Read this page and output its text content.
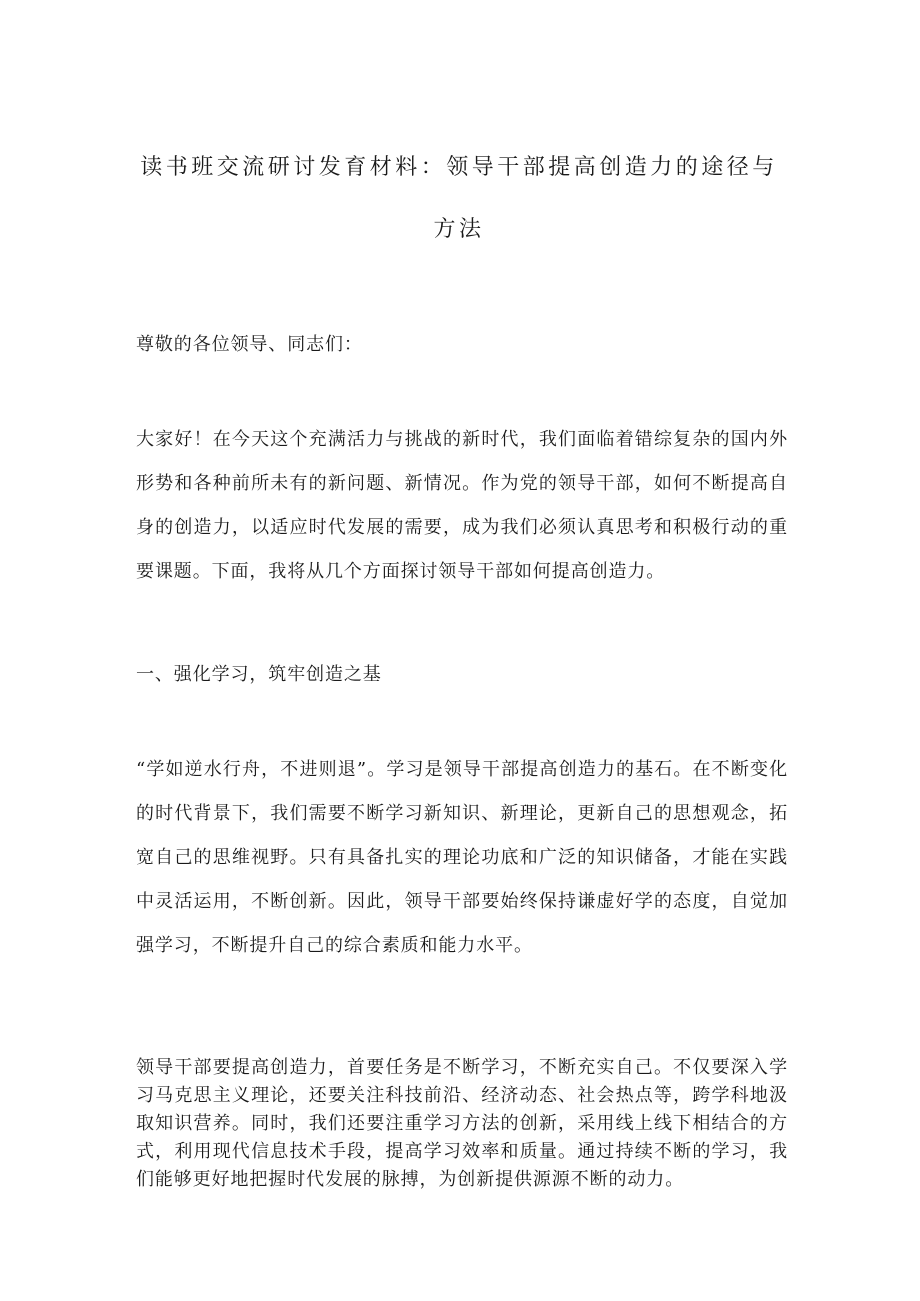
读书班交流研讨发育材料：领导干部提高创造力的途径与方法

尊敬的各位领导、同志们：

大家好！在今天这个充满活力与挑战的新时代，我们面临着错综复杂的国内外形势和各种前所未有的新问题、新情况。作为党的领导干部，如何不断提高自身的创造力，以适应时代发展的需要，成为我们必须认真思考和积极行动的重要课题。下面，我将从几个方面探讨领导干部如何提高创造力。

一、强化学习，筑牢创造之基

“学如逆水行舟，不进则退”。学习是领导干部提高创造力的基石。在不断变化的时代背景下，我们需要不断学习新知识、新理论，更新自己的思想观念，拓宽自己的思维视野。只有具备扎实的理论功底和广泛的知识储备，才能在实践中灵活运用，不断创新。因此，领导干部要始终保持谦虚好学的态度，自觉加强学习，不断提升自己的综合素质和能力水平。

领导干部要提高创造力，首要任务是不断学习，不断充实自己。不仅要深入学习马克思主义理论，还要关注科技前沿、经济动态、社会热点等，跨学科地汲取知识营养。同时，我们还要注重学习方法的创新，采用线上线下相结合的方式，利用现代信息技术手段，提高学习效率和质量。通过持续不断的学习，我们能够更好地把握时代发展的脉搏，为创新提供源源不断的动力。
